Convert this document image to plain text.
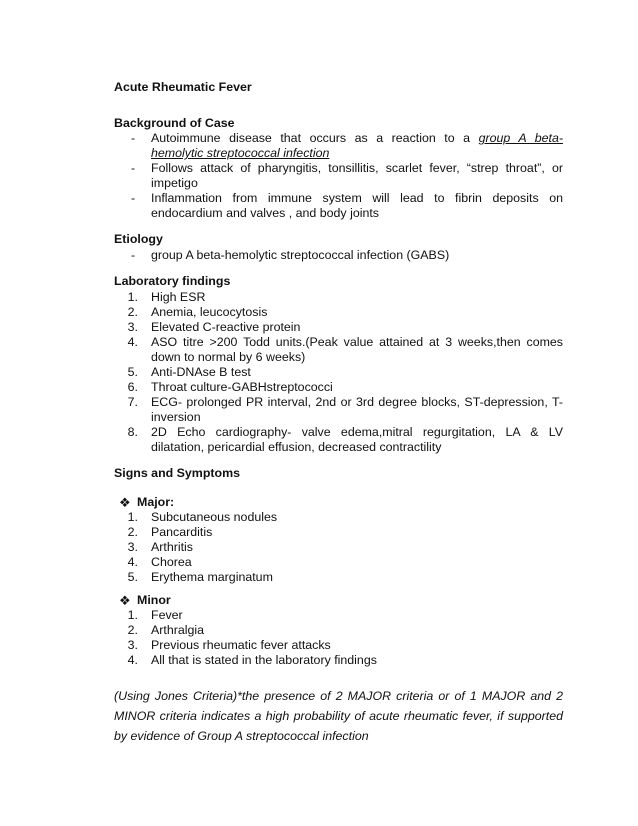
Acute Rheumatic Fever
Background of Case
- Autoimmune disease that occurs as a reaction to a group A beta-
hemolytic streptococcal infection
- Follows attack of pharyngitis, tonsillitis, scarlet fever, “strep throat”, or
impetigo
- Inflammation from immune system will lead to fibrin deposits on
endocardium and valves , and body joints
Etiology
- group A beta-hemolytic streptococcal infection (GABS)
Laboratory findings
1. High ESR
2. Anemia, leucocytosis
3. Elevated C-reactive protein
4. ASO titre >200 Todd units.(Peak value attained at 3 weeks,then comes
down to normal by 6 weeks)
5. Anti-DNAse B test
6. Throat culture-GABHstreptococci
7. ECG- prolonged PR interval, 2nd or 3rd degree blocks, ST-depression, T-
inversion
8. 2D Echo cardiography- valve edema,mitral regurgitation, LA & LV
dilatation, pericardial effusion, decreased contractility
Signs and Symptoms
❖ Major:
1. Subcutaneous nodules
2. Pancarditis
3. Arthritis
4. Chorea
5. Erythema marginatum
❖ Minor
1. Fever
2. Arthralgia
3. Previous rheumatic fever attacks
4. All that is stated in the laboratory findings
(Using Jones Criteria)*the presence of 2 MAJOR criteria or of 1 MAJOR and 2
MINOR criteria indicates a high probability of acute rheumatic fever, if supported
by evidence of Group A streptococcal infection
